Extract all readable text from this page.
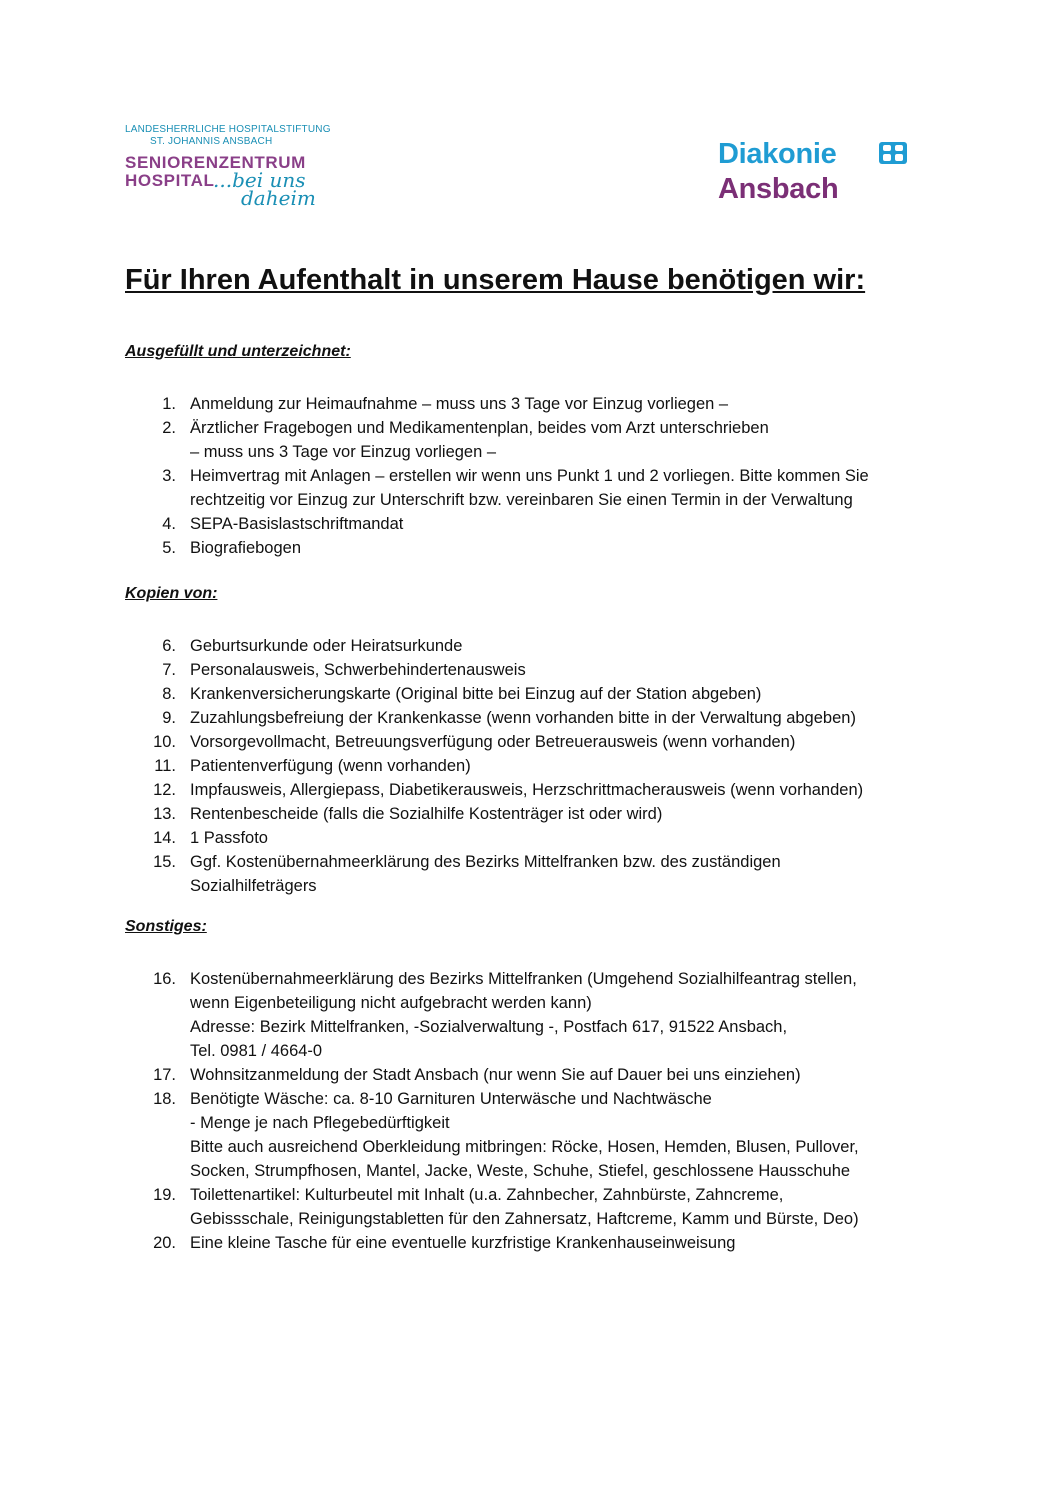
LANDESHERRLICHE HOSPITALSTIFTUNG
ST. JOHANNIS ANSBACH
SENIORENZENTRUM
HOSPITAL
...bei uns
daheim
Diakonie
Ansbach
Für Ihren Aufenthalt in unserem Hause benötigen wir:
Ausgefüllt und unterzeichnet:
1. Anmeldung zur Heimaufnahme – muss uns 3 Tage vor Einzug vorliegen –
2. Ärztlicher Fragebogen und Medikamentenplan, beides vom Arzt unterschrieben
– muss uns 3 Tage vor Einzug vorliegen –
3. Heimvertrag mit Anlagen – erstellen wir wenn uns Punkt 1 und 2 vorliegen. Bitte kommen Sie
rechtzeitig vor Einzug zur Unterschrift bzw. vereinbaren Sie einen Termin in der Verwaltung
4. SEPA-Basislastschriftmandat
5. Biografiebogen
Kopien von:
6. Geburtsurkunde oder Heiratsurkunde
7. Personalausweis, Schwerbehindertenausweis
8. Krankenversicherungskarte (Original bitte bei Einzug auf der Station abgeben)
9. Zuzahlungsbefreiung der Krankenkasse (wenn vorhanden bitte in der Verwaltung abgeben)
10. Vorsorgevollmacht, Betreuungsverfügung oder Betreuerausweis (wenn vorhanden)
11. Patientenverfügung (wenn vorhanden)
12. Impfausweis, Allergiepass, Diabetikerausweis, Herzschrittmacherausweis (wenn vorhanden)
13. Rentenbescheide (falls die Sozialhilfe Kostenträger ist oder wird)
14. 1 Passfoto
15. Ggf. Kostenübernahmeerklärung des Bezirks Mittelfranken bzw. des zuständigen
Sozialhilfeträgers
Sonstiges:
16. Kostenübernahmeerklärung des Bezirks Mittelfranken (Umgehend Sozialhilfeantrag stellen,
wenn Eigenbeteiligung nicht aufgebracht werden kann)
Adresse: Bezirk Mittelfranken, -Sozialverwaltung -, Postfach 617, 91522 Ansbach,
Tel. 0981 / 4664-0
17. Wohnsitzanmeldung der Stadt Ansbach (nur wenn Sie auf Dauer bei uns einziehen)
18. Benötigte Wäsche: ca. 8-10 Garnituren Unterwäsche und Nachtwäsche
- Menge je nach Pflegebedürftigkeit
Bitte auch ausreichend Oberkleidung mitbringen: Röcke, Hosen, Hemden, Blusen, Pullover,
Socken, Strumpfhosen, Mantel, Jacke, Weste, Schuhe, Stiefel, geschlossene Hausschuhe
19. Toilettenartikel: Kulturbeutel mit Inhalt (u.a. Zahnbecher, Zahnbürste, Zahncreme,
Gebissschale, Reinigungstabletten für den Zahnersatz, Haftcreme, Kamm und Bürste, Deo)
20. Eine kleine Tasche für eine eventuelle kurzfristige Krankenhauseinweisung
